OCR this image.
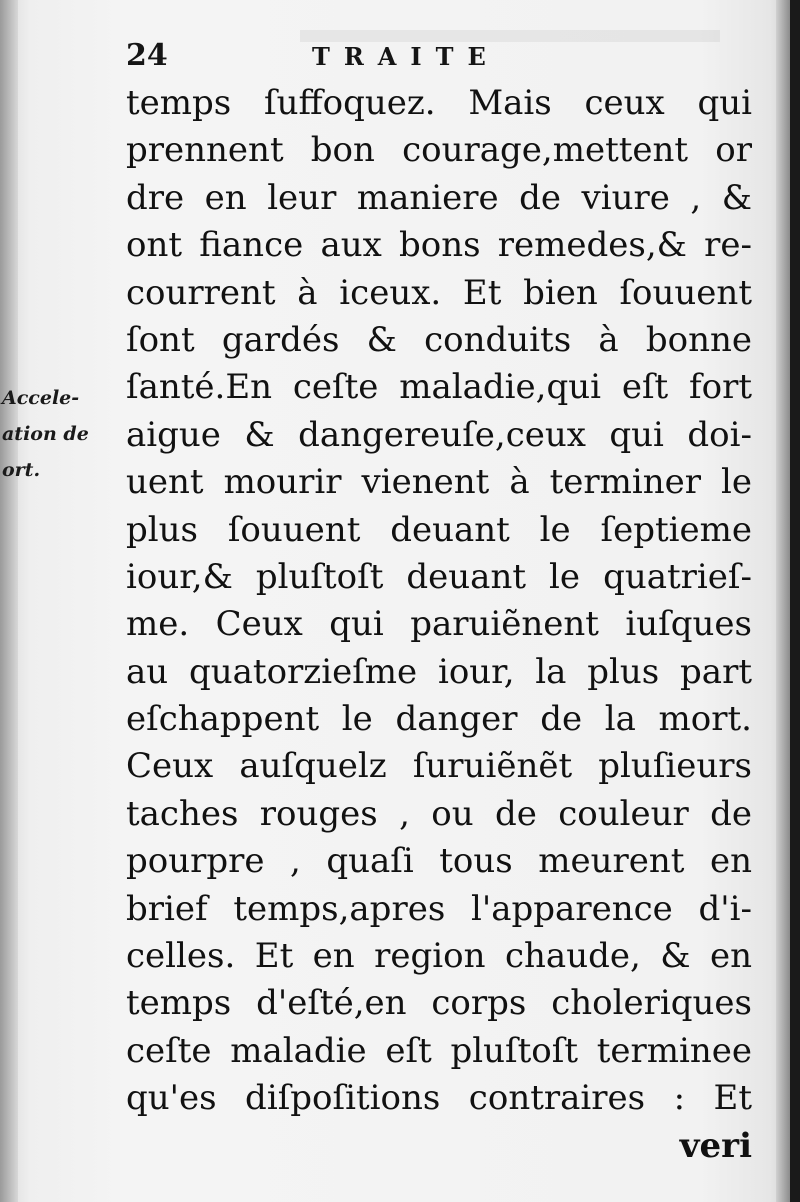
24	TRAITE
Accele-
ation de
ort.
temps ſuffoquez. Mais ceux qui
prennent bon courage,mettent or
dre en leur maniere de viure , &
ont fiance aux bons remedes,& re-
courrent à iceux. Et bien ſouuent
ſont gardés & conduits à bonne
ſanté.En ceſte maladie,qui eſt fort
aigue & dangereuſe,ceux qui doi-
uent mourir vienent à terminer le
plus ſouuent deuant le ſeptieme
iour,& pluſtoſt deuant le quatrieſ-
me. Ceux qui paruiẽnent iuſques
au quatorzieſme iour, la plus part
eſchappent le danger de la mort.
Ceux auſquelz ſuruiẽnẽt pluſieurs
taches rouges , ou de couleur de
pourpre , quaſi tous meurent en
brief temps,apres l'apparence d'i-
celles. Et en region chaude, & en
temps d'eſté,en corps choleriques
ceſte maladie eſt pluſtoſt terminee
qu'es diſpoſitions contraires : Et
veri
